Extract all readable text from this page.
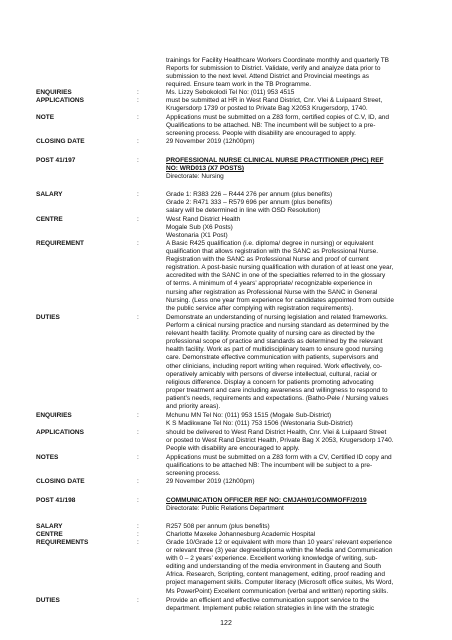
trainings for Facility Healthcare Workers Coordinate monthly and quarterly TB
Reports for submission to District. Validate, verify and analyze data prior to
submission to the next level. Attend District and Provincial meetings as
required. Ensure team work in the TB Programme.

ENQUIRIES	:	Ms. Lizzy Sebokolodi Tel No: (011) 953 4515

APPLICATIONS	:	must be submitted at HR in West Rand District, Cnr. Vlei & Luipaard Street,
Krugersdorp 1739 or posted to Private Bag X2053 Krugersdorp, 1740.

NOTE	:	Applications must be submitted on a Z83 form, certified copies of C.V, ID, and
Qualifications to be attached. NB: The incumbent will be subject to a pre-
screening process. People with disability are encouraged to apply.

CLOSING DATE	:	29 November 2019 (12h00pm)

POST 41/197	:	PROFESSIONAL NURSE CLINICAL NURSE PRACTITIONER (PHC) REF
NO: WRD013 (X7 POSTS)

Directorate: Nursing

SALARY	:	Grade 1: R383 226 – R444 276 per annum (plus benefits)
Grade 2: R471 333 – R579 696 per annum (plus benefits)
salary will be determined in line with OSD Resolution)

CENTRE	:	West Rand District Health
Mogale Sub (X6 Posts)
Westonaria (X1 Post)

REQUIREMENT	:	A Basic R425 qualification (i.e. diploma/ degree in nursing) or equivalent
qualification that allows registration with the SANC as Professional Nurse.
Registration with the SANC as Professional Nurse and proof of current
registration. A post-basic nursing qualification with duration of at least one year,
accredited with the SANC in one of the specialties referred to in the glossary
of terms. A minimum of 4 years’ appropriate/ recognizable experience in
nursing after registration as Professional Nurse with the SANC in General
Nursing. (Less one year from experience for candidates appointed from outside
the public service after complying with registration requirements).

DUTIES	:	Demonstrate an understanding of nursing legislation and related frameworks.
Perform a clinical nursing practice and nursing standard as determined by the
relevant health facility. Promote quality of nursing care as directed by the
professional scope of practice and standards as determined by the relevant
health facility. Work as part of multidisciplinary team to ensure good nursing
care. Demonstrate effective communication with patients, supervisors and
other clinicians, including report writing when required. Work effectively, co-
operatively amicably with persons of diverse intellectual, cultural, racial or
religious difference. Display a concern for patients promoting advocating
proper treatment and care including awareness and willingness to respond to
patient’s needs, requirements and expectations. (Batho-Pele / Nursing values
and priority areas).

ENQUIRIES	:	Mchunu MN Tel No: (011) 953 1515 (Mogale Sub-District)
K S Madikwane Tel No: (011) 753 1506 (Westonaria Sub-District)

APPLICATIONS	:	should be delivered to West Rand District Health, Cnr. Vlei & Luipaard Street
or posted to West Rand District Health, Private Bag X 2053, Krugersdorp 1740.
People with disability are encouraged to apply.

NOTES	:	Applications must be submitted on a Z83 form with a CV, Certified ID copy and
qualifications to be attached NB: The incumbent will be subject to a pre-
screening process.

CLOSING DATE	:	29 November 2019 (12h00pm)

POST 41/198	:	COMMUNICATION OFFICER REF NO: CMJAH/01/COMMOFF/2019

Directorate: Public Relations Department

SALARY	:	R257 508 per annum (plus benefits)

CENTRE	:	Charlotte Maxeke Johannesburg Academic Hospital

REQUIREMENTS	:	Grade 10/Grade 12 or equivalent with more than 10 years’ relevant experience
or relevant three (3) year degree/diploma within the Media and Communication
with 0 – 2 years’ experience. Excellent working knowledge of writing, sub-
editing and understanding of the media environment in Gauteng and South
Africa. Research, Scripting, content management, editing, proof reading and
project management skills. Computer literacy (Microsoft office suites, Ms Word,
Ms PowerPoint) Excellent communication (verbal and written) reporting skills.

DUTIES	:	Provide an efficient and effective communication support service to the
department. Implement public relation strategies in line with the strategic

122
